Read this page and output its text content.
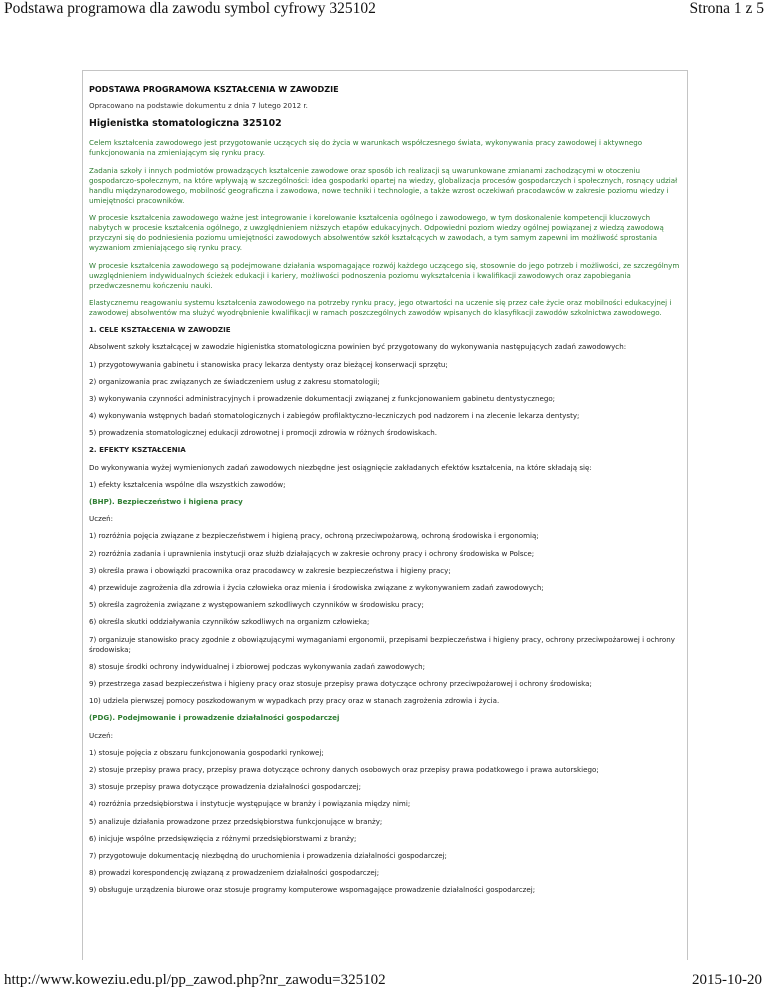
Podstawa programowa dla zawodu symbol cyfrowy 325102	Strona 1 z 5

PODSTAWA PROGRAMOWA KSZTAŁCENIA W ZAWODZIE

Opracowano na podstawie dokumentu z dnia 7 lutego 2012 r.

Higienistka stomatologiczna 325102

Celem kształcenia zawodowego jest przygotowanie uczących się do życia w warunkach współczesnego świata, wykonywania pracy zawodowej i aktywnego funkcjonowania na zmieniającym się rynku pracy.

Zadania szkoły i innych podmiotów prowadzących kształcenie zawodowe oraz sposób ich realizacji są uwarunkowane zmianami zachodzącymi w otoczeniu gospodarczo-społecznym, na które wpływają w szczególności: idea gospodarki opartej na wiedzy, globalizacja procesów gospodarczych i społecznych, rosnący udział handlu międzynarodowego, mobilność geograficzna i zawodowa, nowe techniki i technologie, a także wzrost oczekiwań pracodawców w zakresie poziomu wiedzy i umiejętności pracowników.

W procesie kształcenia zawodowego ważne jest integrowanie i korelowanie kształcenia ogólnego i zawodowego, w tym doskonalenie kompetencji kluczowych nabytych w procesie kształcenia ogólnego, z uwzględnieniem niższych etapów edukacyjnych. Odpowiedni poziom wiedzy ogólnej powiązanej z wiedzą zawodową przyczyni się do podniesienia poziomu umiejętności zawodowych absolwentów szkół kształcących w zawodach, a tym samym zapewni im możliwość sprostania wyzwaniom zmieniającego się rynku pracy.

W procesie kształcenia zawodowego są podejmowane działania wspomagające rozwój każdego uczącego się, stosownie do jego potrzeb i możliwości, ze szczególnym uwzględnieniem indywidualnych ścieżek edukacji i kariery, możliwości podnoszenia poziomu wykształcenia i kwalifikacji zawodowych oraz zapobiegania przedwczesnemu kończeniu nauki.

Elastycznemu reagowaniu systemu kształcenia zawodowego na potrzeby rynku pracy, jego otwartości na uczenie się przez całe życie oraz mobilności edukacyjnej i zawodowej absolwentów ma służyć wyodrębnienie kwalifikacji w ramach poszczególnych zawodów wpisanych do klasyfikacji zawodów szkolnictwa zawodowego.

1. CELE KSZTAŁCENIA W ZAWODZIE

Absolwent szkoły kształcącej w zawodzie higienistka stomatologiczna powinien być przygotowany do wykonywania następujących zadań zawodowych:

1) przygotowywania gabinetu i stanowiska pracy lekarza dentysty oraz bieżącej konserwacji sprzętu;

2) organizowania prac związanych ze świadczeniem usług z zakresu stomatologii;

3) wykonywania czynności administracyjnych i prowadzenie dokumentacji związanej z funkcjonowaniem gabinetu dentystycznego;

4) wykonywania wstępnych badań stomatologicznych i zabiegów profilaktyczno-leczniczych pod nadzorem i na zlecenie lekarza dentysty;

5) prowadzenia stomatologicznej edukacji zdrowotnej i promocji zdrowia w różnych środowiskach.

2. EFEKTY KSZTAŁCENIA

Do wykonywania wyżej wymienionych zadań zawodowych niezbędne jest osiągnięcie zakładanych efektów kształcenia, na które składają się:

1) efekty kształcenia wspólne dla wszystkich zawodów;

(BHP). Bezpieczeństwo i higiena pracy

Uczeń:

1) rozróżnia pojęcia związane z bezpieczeństwem i higieną pracy, ochroną przeciwpożarową, ochroną środowiska i ergonomią;

2) rozróżnia zadania i uprawnienia instytucji oraz służb działających w zakresie ochrony pracy i ochrony środowiska w Polsce;

3) określa prawa i obowiązki pracownika oraz pracodawcy w zakresie bezpieczeństwa i higieny pracy;

4) przewiduje zagrożenia dla zdrowia i życia człowieka oraz mienia i środowiska związane z wykonywaniem zadań zawodowych;

5) określa zagrożenia związane z występowaniem szkodliwych czynników w środowisku pracy;

6) określa skutki oddziaływania czynników szkodliwych na organizm człowieka;

7) organizuje stanowisko pracy zgodnie z obowiązującymi wymaganiami ergonomii, przepisami bezpieczeństwa i higieny pracy, ochrony przeciwpożarowej i ochrony środowiska;

8) stosuje środki ochrony indywidualnej i zbiorowej podczas wykonywania zadań zawodowych;

9) przestrzega zasad bezpieczeństwa i higieny pracy oraz stosuje przepisy prawa dotyczące ochrony przeciwpożarowej i ochrony środowiska;

10) udziela pierwszej pomocy poszkodowanym w wypadkach przy pracy oraz w stanach zagrożenia zdrowia i życia.

(PDG). Podejmowanie i prowadzenie działalności gospodarczej

Uczeń:

1) stosuje pojęcia z obszaru funkcjonowania gospodarki rynkowej;

2) stosuje przepisy prawa pracy, przepisy prawa dotyczące ochrony danych osobowych oraz przepisy prawa podatkowego i prawa autorskiego;

3) stosuje przepisy prawa dotyczące prowadzenia działalności gospodarczej;

4) rozróżnia przedsiębiorstwa i instytucje występujące w branży i powiązania między nimi;

5) analizuje działania prowadzone przez przedsiębiorstwa funkcjonujące w branży;

6) inicjuje wspólne przedsięwzięcia z różnymi przedsiębiorstwami z branży;

7) przygotowuje dokumentację niezbędną do uruchomienia i prowadzenia działalności gospodarczej;

8) prowadzi korespondencję związaną z prowadzeniem działalności gospodarczej;

9) obsługuje urządzenia biurowe oraz stosuje programy komputerowe wspomagające prowadzenie działalności gospodarczej;

http://www.koweziu.edu.pl/pp_zawod.php?nr_zawodu=325102	2015-10-20
